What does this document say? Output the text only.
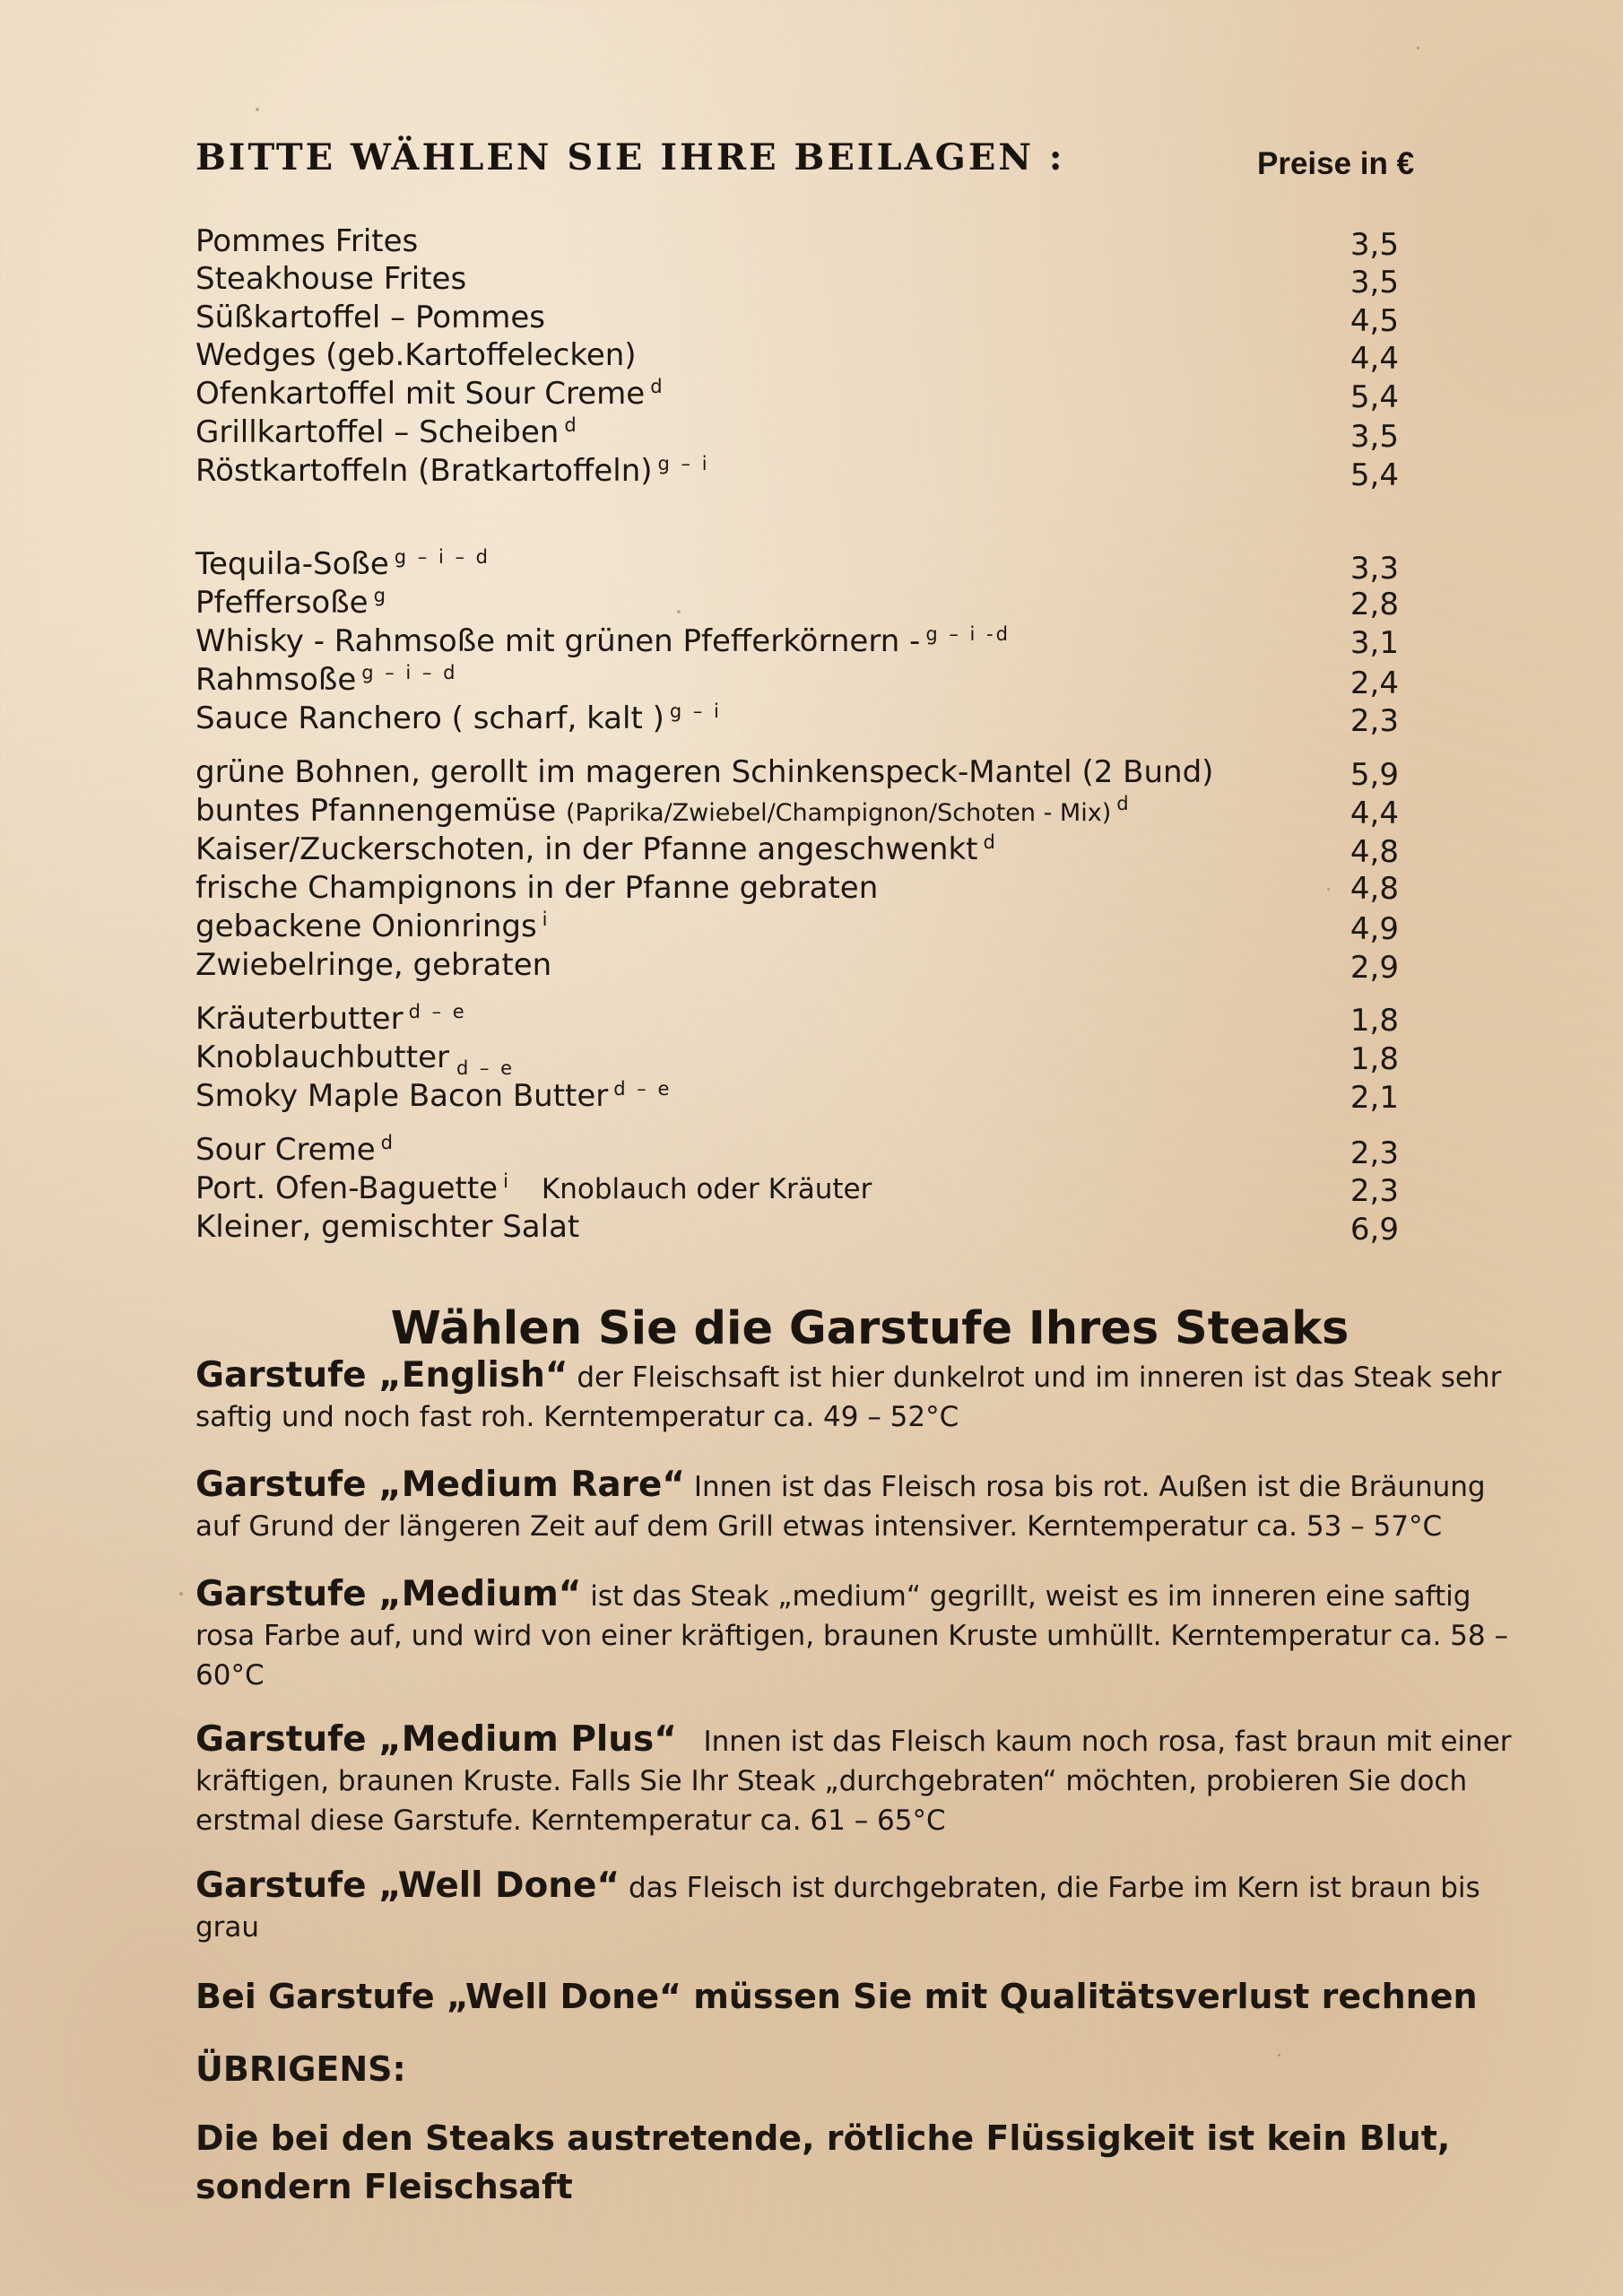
BITTE WÄHLEN SIE IHRE BEILAGEN :	Preise in €
Pommes Frites	3,5
Steakhouse Frites	3,5
Süßkartoffel – Pommes	4,5
Wedges (geb.Kartoffelecken)	4,4
Ofenkartoffel mit Sour Creme $^d$	5,4
Grillkartoffel – Scheiben $^d$	3,5
Röstkartoffeln (Bratkartoffeln) $^{g - i}$	5,4
Tequila-Soße $^{g - i - d}$	3,3
Pfeffersoße $^g$	2,8
Whisky - Rahmsoße mit grünen Pfefferkörnern - $^{g - i -d}$	3,1
Rahmsoße $^{g - i - d}$	2,4
Sauce Ranchero ( scharf, kalt ) $^{g - i}$	2,3
grüne Bohnen, gerollt im mageren Schinkenspeck-Mantel (2 Bund)	5,9
buntes Pfannengemüse (Paprika/Zwiebel/Champignon/Schoten - Mix) $^d$	4,4
Kaiser/Zuckerschoten, in der Pfanne angeschwenkt $^d$	4,8
frische Champignons in der Pfanne gebraten	4,8
gebackene Onionrings $^i$	4,9
Zwiebelringe, gebraten	2,9
Kräuterbutter $^{d - e}$	1,8
Knoblauchbutter $_{d - e}$	1,8
Smoky Maple Bacon Butter $^{d - e}$	2,1
Sour Creme $^d$	2,3
Port. Ofen-Baguette $^i$ Knoblauch oder Kräuter	2,3
Kleiner, gemischter Salat	6,9
Wählen Sie die Garstufe Ihres Steaks
Garstufe „English“ der Fleischsaft ist hier dunkelrot und im inneren ist das Steak sehr saftig und noch fast roh. Kerntemperatur ca. 49 – 52°C
Garstufe „Medium Rare“ Innen ist das Fleisch rosa bis rot. Außen ist die Bräunung auf Grund der längeren Zeit auf dem Grill etwas intensiver. Kerntemperatur ca. 53 – 57°C
Garstufe „Medium“ ist das Steak „medium“ gegrillt, weist es im inneren eine saftig rosa Farbe auf, und wird von einer kräftigen, braunen Kruste umhüllt. Kerntemperatur ca. 58 – 60°C
Garstufe „Medium Plus“   Innen ist das Fleisch kaum noch rosa, fast braun mit einer kräftigen, braunen Kruste. Falls Sie Ihr Steak „durchgebraten“ möchten, probieren Sie doch erstmal diese Garstufe. Kerntemperatur ca. 61 – 65°C
Garstufe „Well Done“ das Fleisch ist durchgebraten, die Farbe im Kern ist braun bis grau
Bei Garstufe „Well Done“ müssen Sie mit Qualitätsverlust rechnen
ÜBRIGENS:
Die bei den Steaks austretende, rötliche Flüssigkeit ist kein Blut, sondern Fleischsaft
